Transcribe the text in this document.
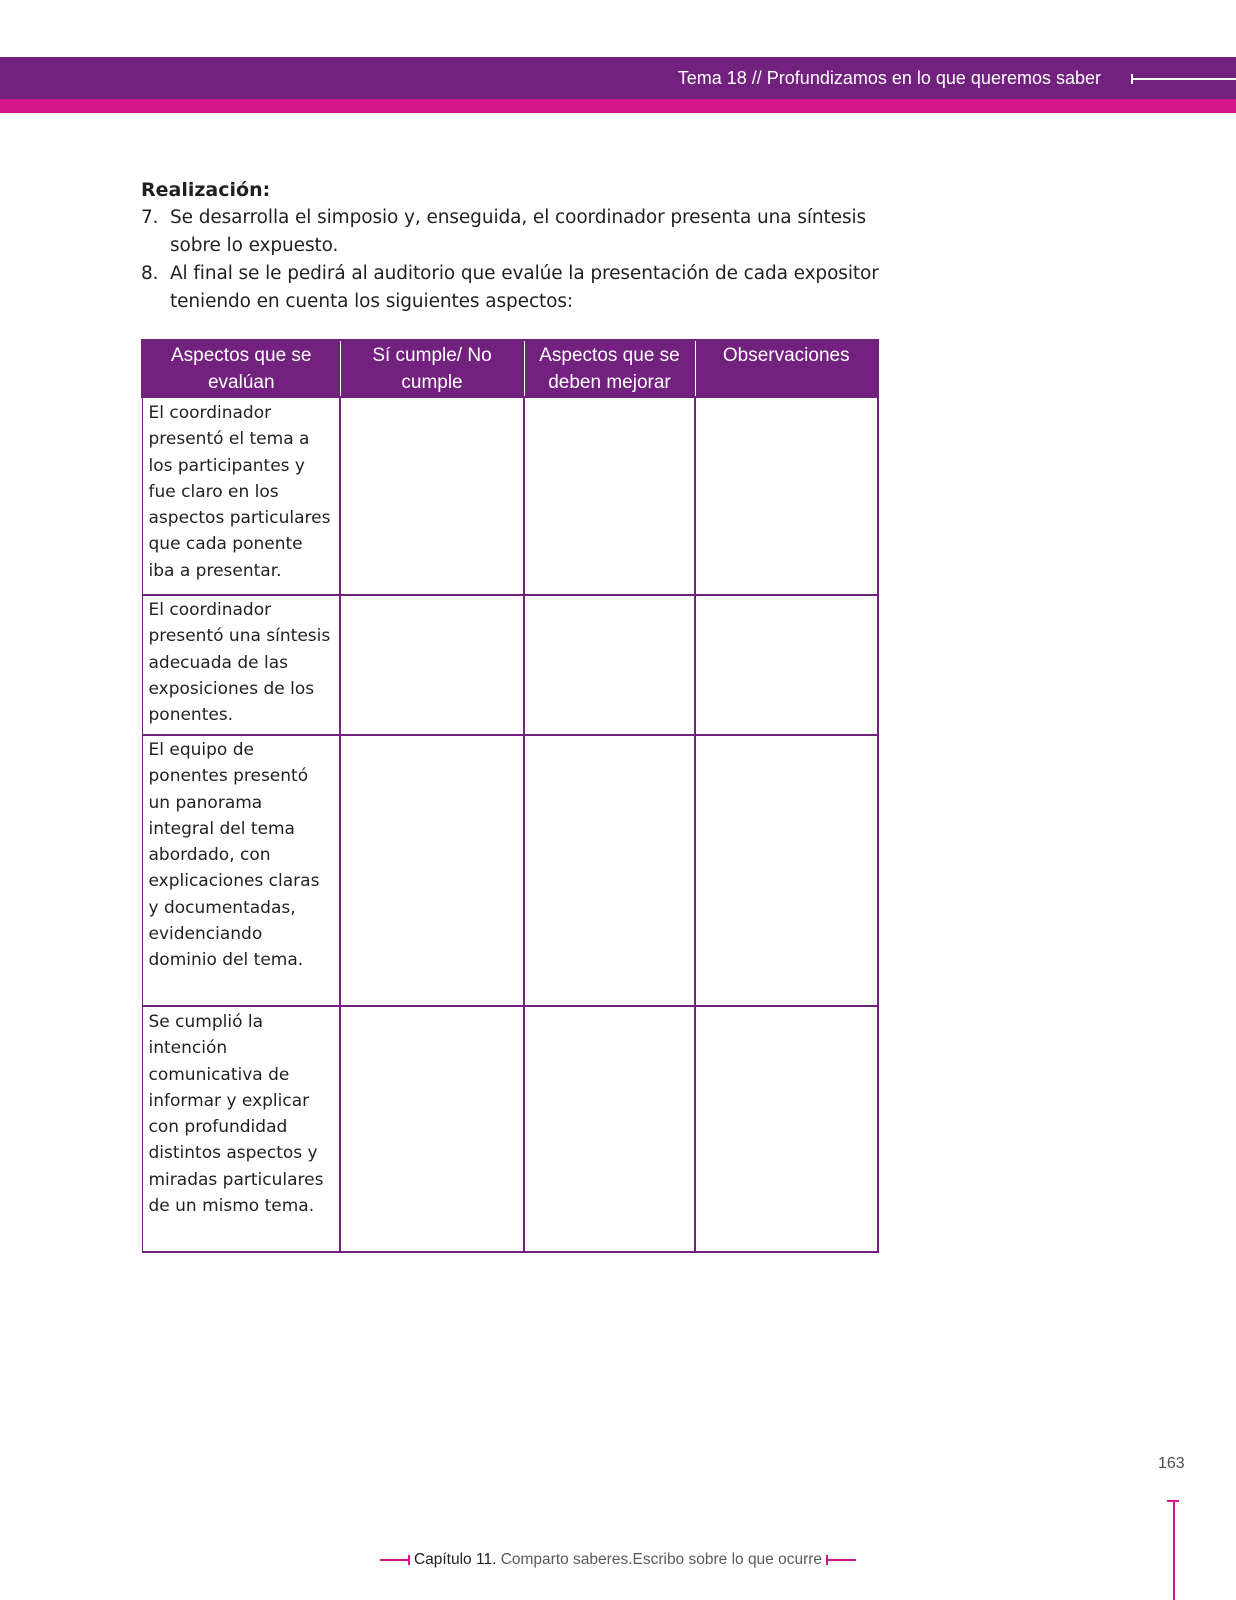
Tema 18 // Profundizamos en lo que queremos saber

Realización:

7. Se desarrolla el simposio y, enseguida, el coordinador presenta una síntesis sobre lo expuesto.
8. Al final se le pedirá al auditorio que evalúe la presentación de cada expositor teniendo en cuenta los siguientes aspectos:
Aspectos que se evalúan	Sí cumple/ No cumple	Aspectos que se deben mejorar	Observaciones
El coordinador presentó el tema a los participantes y fue claro en los aspectos particulares que cada ponente iba a presentar.			
El coordinador presentó una síntesis adecuada de las exposiciones de los ponentes.			
El equipo de ponentes presentó un panorama integral del tema abordado, con explicaciones claras y documentadas, evidenciando dominio del tema.			
Se cumplió la intención comunicativa de informar y explicar con profundidad distintos aspectos y miradas particulares de un mismo tema.			
163
Capítulo 11. Comparto saberes.Escribo sobre lo que ocurre
